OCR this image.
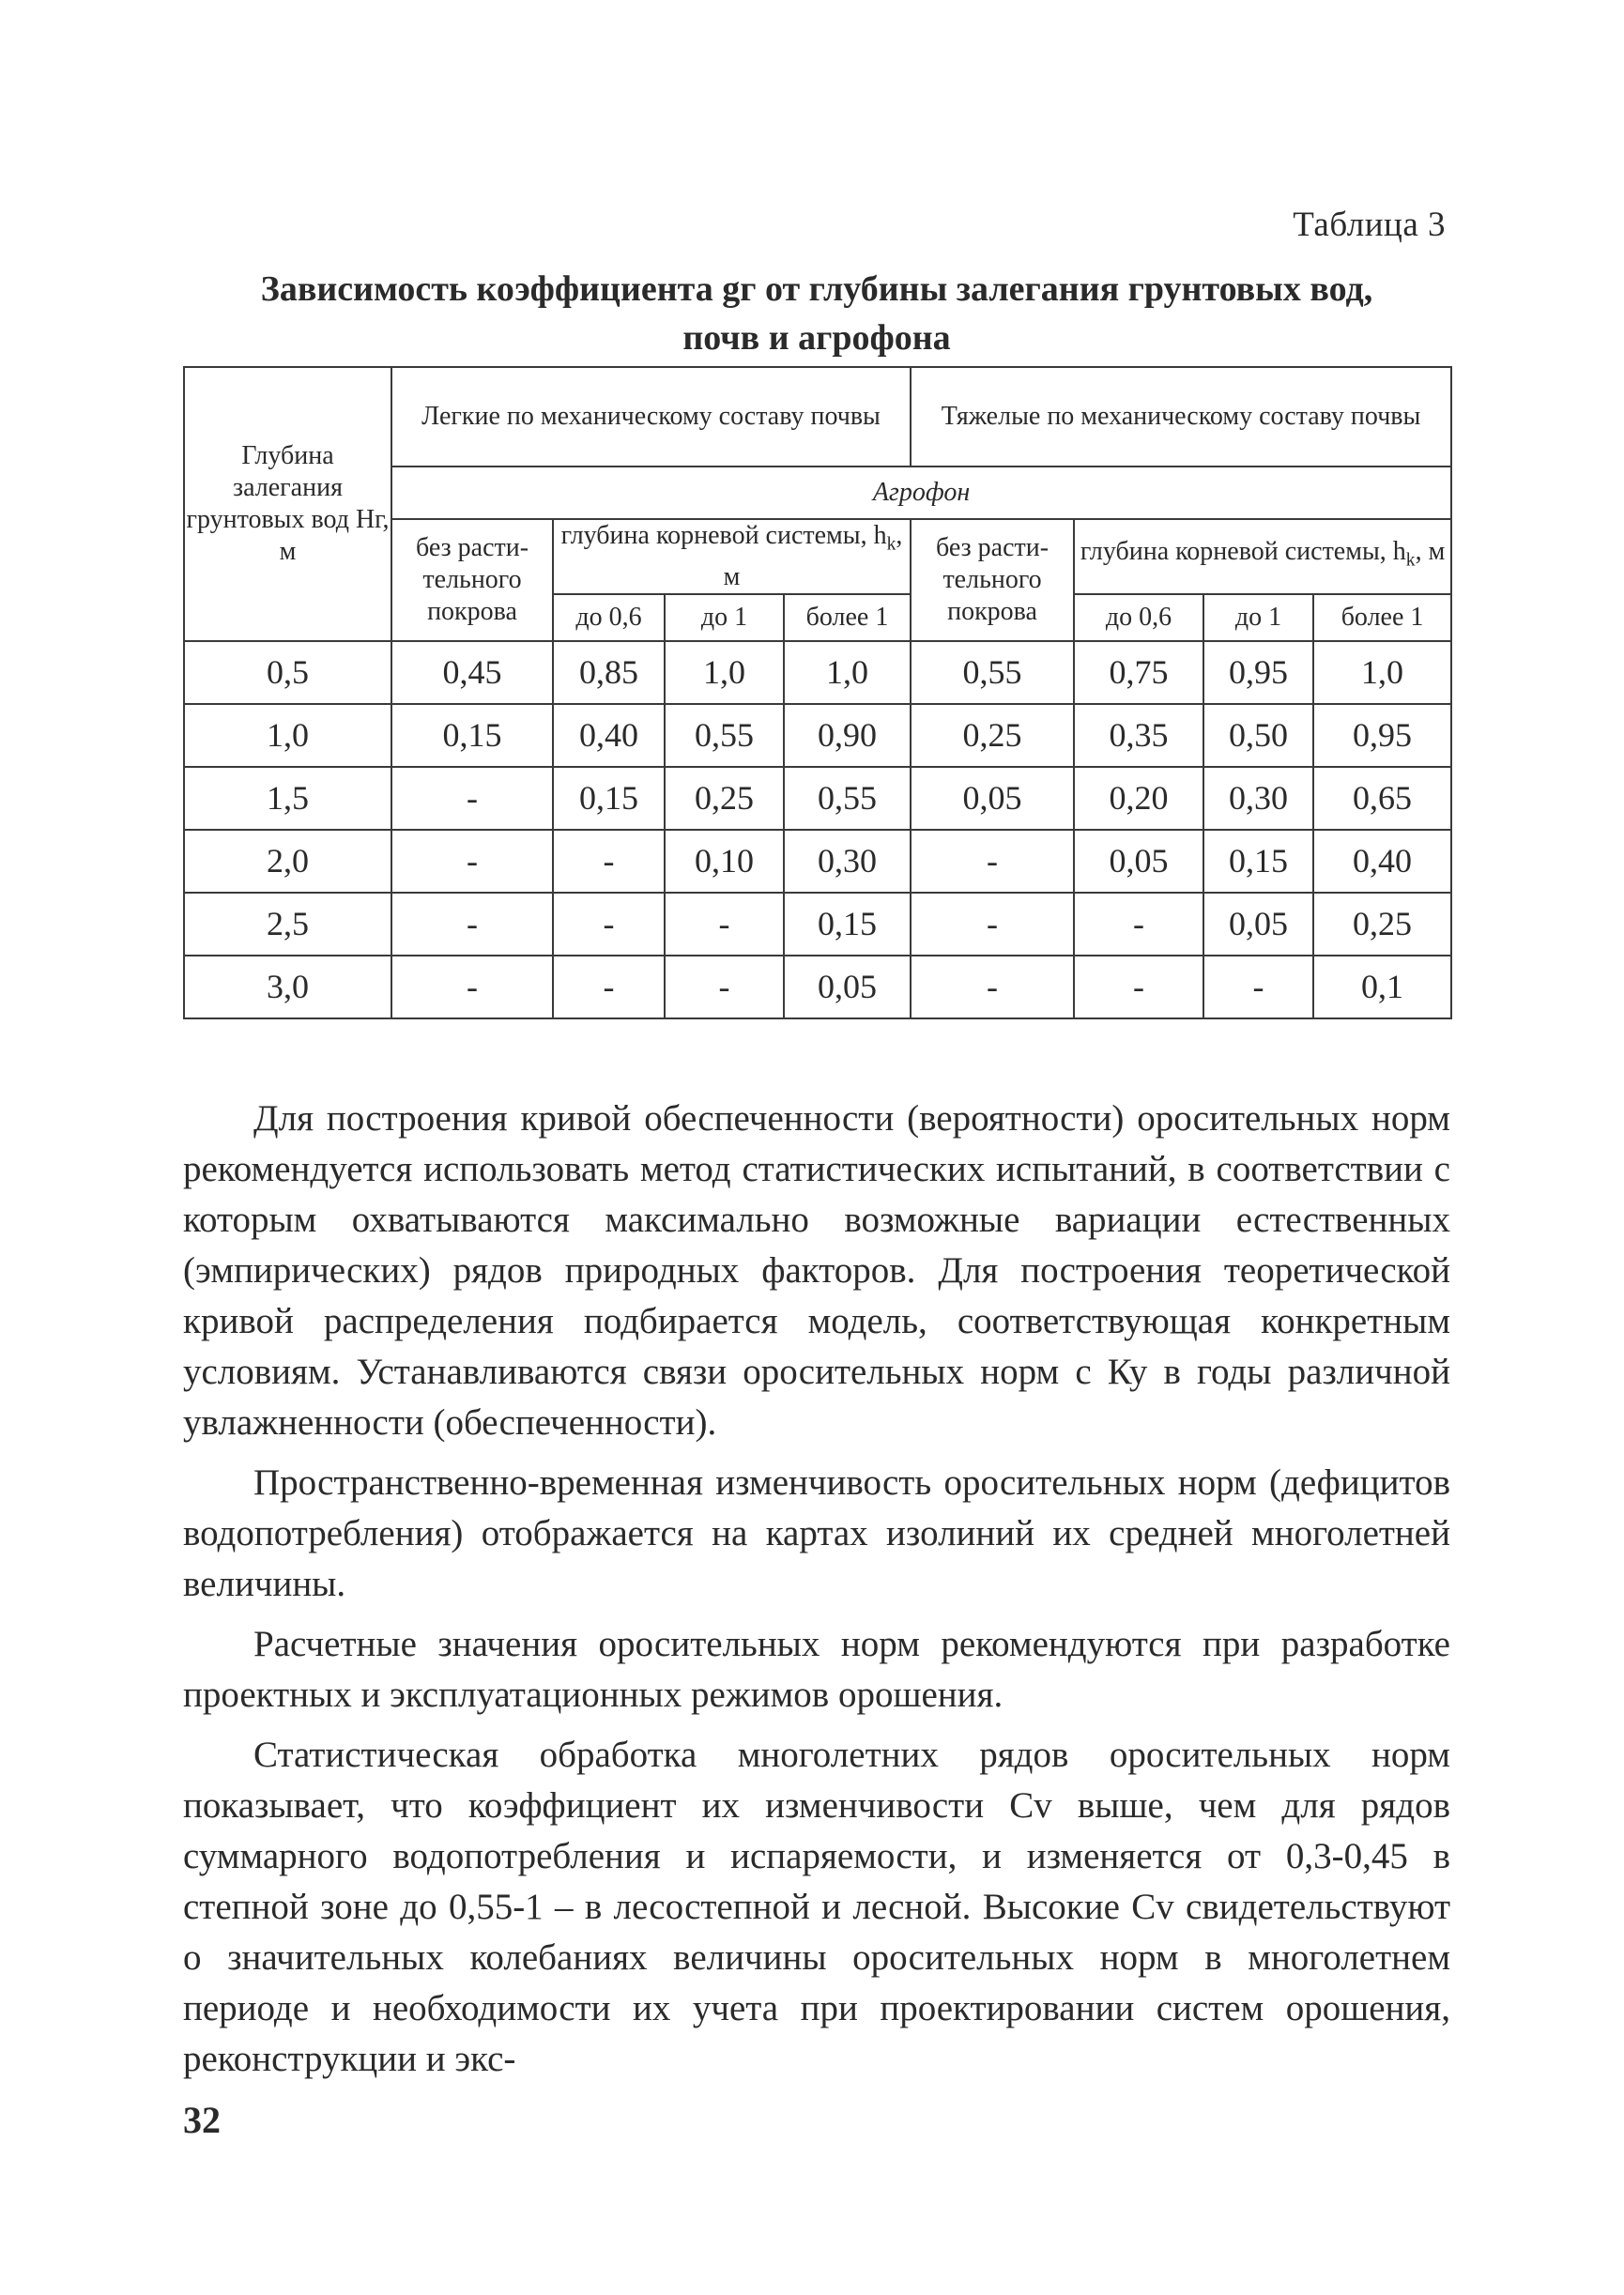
Таблица 3
Зависимость коэффициента gг от глубины залегания грунтовых вод,
почв и агрофона
Глубина залегания грунтовых вод Нг, м	Легкие по механическому составу почвы				Тяжелые по механическому составу почвы			
	Агрофон							
	без расти-тельного покрова	глубина корневой системы, $h_k$, м			без расти-тельного покрова	глубина корневой системы, $h_k$, м		
		до 0,6	до 1	более 1		до 0,6	до 1	более 1
0,5	0,45	0,85	1,0	1,0	0,55	0,75	0,95	1,0
1,0	0,15	0,40	0,55	0,90	0,25	0,35	0,50	0,95
1,5	-	0,15	0,25	0,55	0,05	0,20	0,30	0,65
2,0	-	-	0,10	0,30	-	0,05	0,15	0,40
2,5	-	-	-	0,15	-	-	0,05	0,25
3,0	-	-	-	0,05	-	-	-	0,1

Для построения кривой обеспеченности (вероятности) оросительных норм рекомендуется использовать метод статистических испытаний, в соответствии с которым охватываются максимально возможные вариации естественных (эмпирических) рядов природных факторов. Для построения теоретической кривой распределения подбирается модель, соответствующая конкретным условиям. Устанавливаются связи оросительных норм с Ку в годы различной увлажненности (обеспеченности).

Пространственно-временная изменчивость оросительных норм (дефицитов водопотребления) отображается на картах изолиний их средней многолетней величины.

Расчетные значения оросительных норм рекомендуются при разработке проектных и эксплуатационных режимов орошения.

Статистическая обработка многолетних рядов оросительных норм показывает, что коэффициент их изменчивости Cv выше, чем для рядов суммарного водопотребления и испаряемости, и изменяется от 0,3-0,45 в степной зоне до 0,55-1 – в лесостепной и лесной. Высокие Cv свидетельствуют о значительных колебаниях величины оросительных норм в многолетнем периоде и необходимости их учета при проектировании систем орошения, реконструкции и экс-

32
